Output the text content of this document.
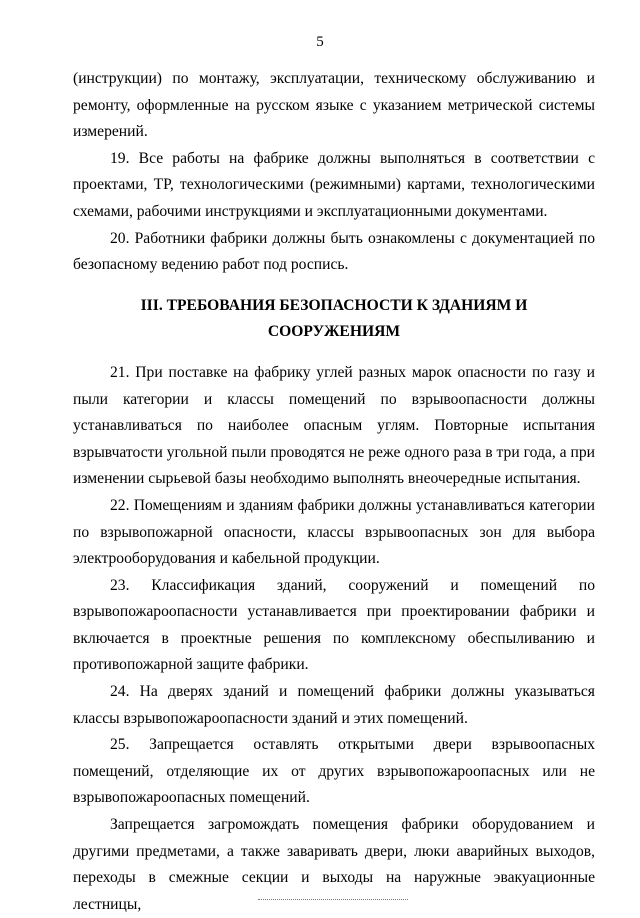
5

(инструкции) по монтажу, эксплуатации, техническому обслуживанию и ремонту, оформленные на русском языке с указанием метрической системы измерений.

19. Все работы на фабрике должны выполняться в соответствии с проектами, ТР, технологическими (режимными) картами, технологическими схемами, рабочими инструкциями и эксплуатационными документами.

20. Работники фабрики должны быть ознакомлены с документацией по безопасному ведению работ под роспись.

III. ТРЕБОВАНИЯ БЕЗОПАСНОСТИ К ЗДАНИЯМ И СООРУЖЕНИЯМ

21. При поставке на фабрику углей разных марок опасности по газу и пыли категории и классы помещений по взрывоопасности должны устанавливаться по наиболее опасным углям. Повторные испытания взрывчатости угольной пыли проводятся не реже одного раза в три года, а при изменении сырьевой базы необходимо выполнять внеочередные испытания.

22. Помещениям и зданиям фабрики должны устанавливаться категории по взрывопожарной опасности, классы взрывоопасных зон для выбора электрооборудования и кабельной продукции.

23. Классификация зданий, сооружений и помещений по взрывопожароопасности устанавливается при проектировании фабрики и включается в проектные решения по комплексному обеспыливанию и противопожарной защите фабрики.

24. На дверях зданий и помещений фабрики должны указываться классы взрывопожароопасности зданий и этих помещений.

25. Запрещается оставлять открытыми двери взрывоопасных помещений, отделяющие их от других взрывопожароопасных или не взрывопожароопасных помещений.

Запрещается загромождать помещения фабрики оборудованием и другими предметами, а также заваривать двери, люки аварийных выходов, переходы в смежные секции и выходы на наружные эвакуационные лестницы,
